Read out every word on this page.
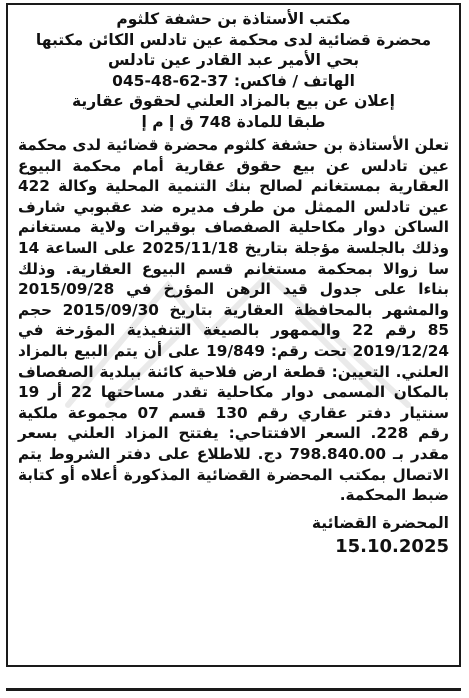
مكتب الأستاذة بن حشفة كلثوم
محضرة قضائية لدى محكمة عين تادلس الكائن مكتبها
بحي الأمير عبد القادر عين تادلس
الهاتف / فاكس: 045-48-62-37
إعلان عن بيع بالمزاد العلني لحقوق عقارية
طبقا للمادة 748 ق إ م إ
تعلن الأستاذة بن حشفة كلثوم محضرة قضائية لدى محكمة عين تادلس عن بيع حقوق عقارية أمام محكمة البيوع العقارية بمستغانم لصالح بنك التنمية المحلية وكالة 422 عين تادلس الممثل من طرف مديره ضد عقبوبي شارف الساكن دوار مكاحلية الصفصاف بوقيرات ولاية مستغانم وذلك بالجلسة مؤجلة بتاريخ 2025/11/18 على الساعة 14 سا زوالا بمحكمة مستغانم قسم البيوع العقارية. وذلك بناءا على جدول قيد الرهن المؤرخ في 2015/09/28 والمشهر بالمحافظة العقارية بتاريخ 2015/09/30 حجم 85 رقم 22 والممهور بالصيغة التنفيذية المؤرخة في 2019/12/24 تحت رقم: 19/849 على أن يتم البيع بالمزاد العلني. التعيين: قطعة ارض فلاحية كائنة ببلدية الصفصاف بالمكان المسمى دوار مكاحلية تقدر مساحتها 22 أر 19 سنتيار دفتر عقاري رقم 130 قسم 07 مجموعة ملكية رقم 228. السعر الافتتاحي: يفتتح المزاد العلني بسعر مقدر بـ 798.840.00 دج. للاطلاع على دفتر الشروط يتم الاتصال بمكتب المحضرة القضائية المذكورة أعلاه أو كتابة ضبط المحكمة.
المحضرة القضائية
15.10.2025
